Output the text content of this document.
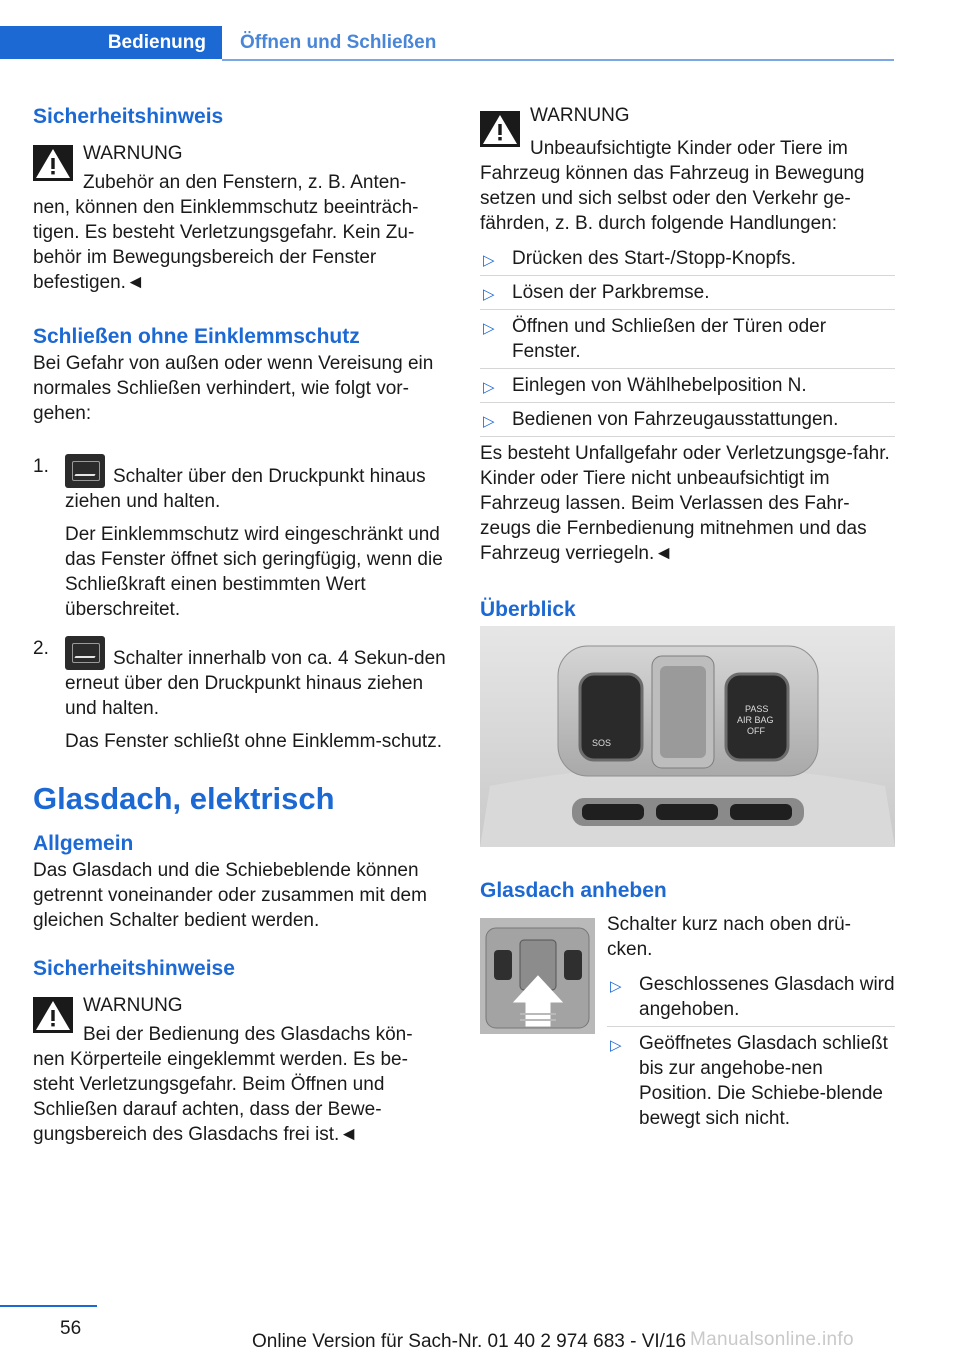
Bedienung	Öffnen und Schließen
Sicherheitshinweis
WARNUNG
Zubehör an den Fenstern, z. B. Anten-
nen, können den Einklemmschutz beeinträch-tigen. Es besteht Verletzungsgefahr. Kein Zu-behör im Bewegungsbereich der Fenster befestigen.◄
Schließen ohne Einklemmschutz
Bei Gefahr von außen oder wenn Vereisung ein normales Schließen verhindert, wie folgt vor-gehen:
1.	Schalter über den Druckpunkt hinaus ziehen und halten.
Der Einklemmschutz wird eingeschränkt und das Fenster öffnet sich geringfügig, wenn die Schließkraft einen bestimmten Wert überschreitet.
2.	Schalter innerhalb von ca. 4 Sekun-den erneut über den Druckpunkt hinaus ziehen und halten.
Das Fenster schließt ohne Einklemm-schutz.
Glasdach, elektrisch
Allgemein
Das Glasdach und die Schiebeblende können getrennt voneinander oder zusammen mit dem gleichen Schalter bedient werden.
Sicherheitshinweise
WARNUNG
Bei der Bedienung des Glasdachs kön-
nen Körperteile eingeklemmt werden. Es be-steht Verletzungsgefahr. Beim Öffnen und Schließen darauf achten, dass der Bewe-gungsbereich des Glasdachs frei ist.◄
WARNUNG
Unbeaufsichtigte Kinder oder Tiere im
Fahrzeug können das Fahrzeug in Bewegung setzen und sich selbst oder den Verkehr ge-fährden, z. B. durch folgende Handlungen:
▷ Drücken des Start-/Stopp-Knopfs.
▷ Lösen der Parkbremse.
▷ Öffnen und Schließen der Türen oder Fenster.
▷ Einlegen von Wählhebelposition N.
▷ Bedienen von Fahrzeugausstattungen.
Es besteht Unfallgefahr oder Verletzungsge-fahr. Kinder oder Tiere nicht unbeaufsichtigt im Fahrzeug lassen. Beim Verlassen des Fahr-zeugs die Fernbedienung mitnehmen und das Fahrzeug verriegeln.◄
Überblick
SOS
PASS
AIR BAG
OFF
Glasdach anheben
Schalter kurz nach oben drü-cken.
▷ Geschlossenes Glasdach wird angehoben.
▷ Geöffnetes Glasdach schließt bis zur angehobe-nen Position. Die Schiebe-blende bewegt sich nicht.
56
Online Version für Sach-Nr. 01 40 2 974 683 - VI/16 Manualsonline.info
